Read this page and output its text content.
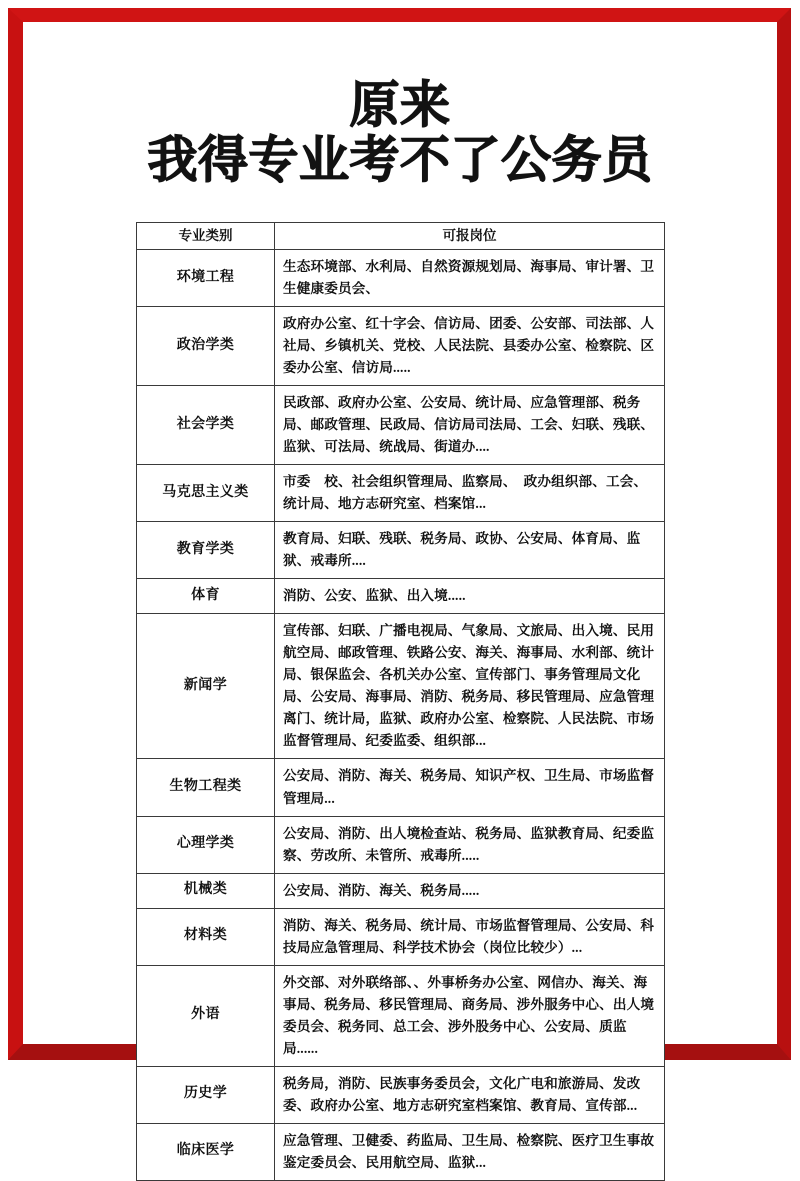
原来
我得专业考不了公务员
专业类别	可报岗位
环境工程	生态环境部、水利局、自然资源规划局、海事局、审计署、卫生健康委员会、
政治学类	政府办公室、红十字会、信访局、团委、公安部、司法部、人社局、乡镇机关、党校、人民法院、县委办公室、检察院、区委办公室、信访局.....
社会学类	民政部、政府办公室、公安局、统计局、应急管理部、税务局、邮政管理、民政局、信访局司法局、工会、妇联、残联、监狱、可法局、统战局、街道办....
马克思主义类	市委　校、社会组织管理局、监察局、　政办组织部、工会、统计局、地方志研究室、档案馆...
教育学类	教育局、妇联、残联、税务局、政协、公安局、体育局、监狱、戒毒所....
体育	消防、公安、监狱、出入境.....
新闻学	宣传部、妇联、广播电视局、气象局、文旅局、出入境、民用航空局、邮政管理、铁路公安、海关、海事局、水利部、统计局、银保监会、各机关办公室、宣传部门、事务管理局文化局、公安局、海事局、消防、税务局、移民管理局、应急管理离门、统计局，监狱、政府办公室、检察院、人民法院、市场监督管理局、纪委监委、组织部...
生物工程类	公安局、消防、海关、税务局、知识产权、卫生局、市场监督管理局...
心理学类	公安局、消防、出人境检查站、税务局、监狱教育局、纪委监察、劳改所、未管所、戒毒所.....
机械类	公安局、消防、海关、税务局.....
材料类	消防、海关、税务局、统计局、市场监督管理局、公安局、科技局应急管理局、科学技术协会（岗位比较少）...
外语	外交部、对外联络部、、外事桥务办公室、网信办、海关、海事局、税务局、移民管理局、商务局、涉外服务中心、出人境委员会、税务同、总工会、涉外股务中心、公安局、质监局......
历史学	税务局，消防、民族事务委员会，文化广电和旅游局、发改委、政府办公室、地方志研究室档案馆、教育局、宣传部...
临床医学	应急管理、卫健委、药监局、卫生局、检察院、医疗卫生事故鉴定委员会、民用航空局、监狱...
